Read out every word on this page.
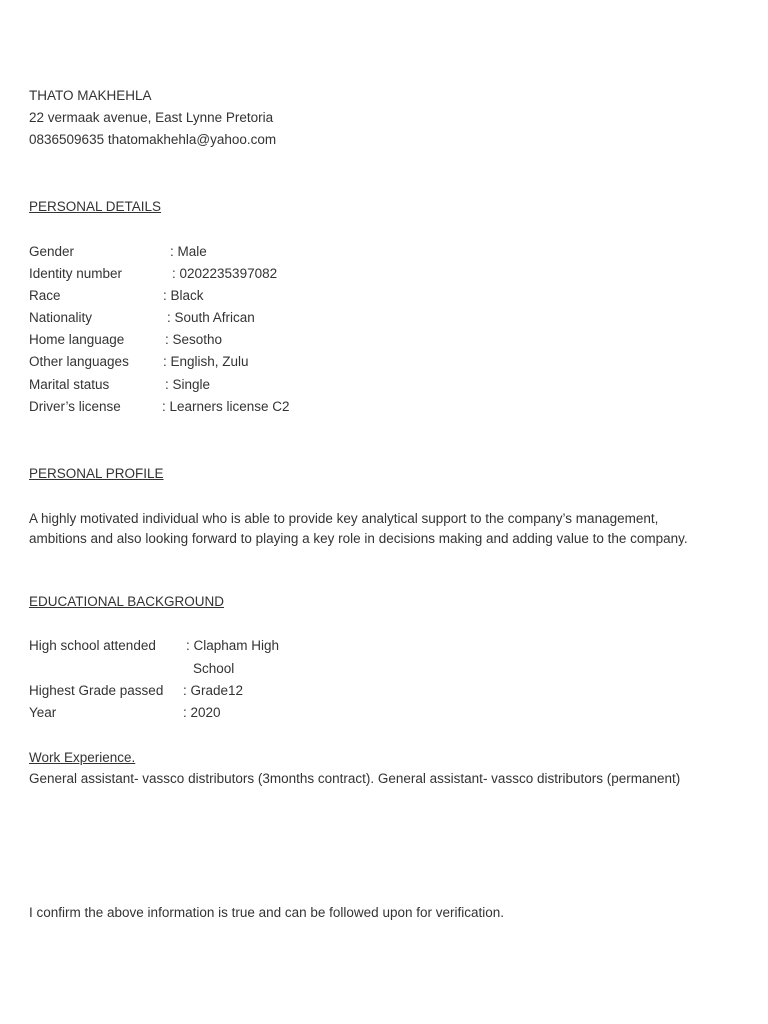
THATO MAKHEHLA
22 vermaak avenue, East Lynne Pretoria
0836509635 thatomakhehla@yahoo.com
PERSONAL DETAILS
Gender	: Male
Identity number	: 0202235397082
Race	: Black
Nationality	: South African
Home language	: Sesotho
Other languages	: English, Zulu
Marital status	: Single
Driver’s license	: Learners license C2
PERSONAL PROFILE
A highly motivated individual who is able to provide key analytical support to the company’s management, ambitions and also looking forward to playing a key role in decisions making and adding value to the company.
EDUCATIONAL BACKGROUND
High school attended : Clapham High
School
Highest Grade passed : Grade12
Year	: 2020
Work Experience.
General assistant- vassco distributors (3months contract). General assistant- vassco distributors (permanent)
I confirm the above information is true and can be followed upon for verification.
